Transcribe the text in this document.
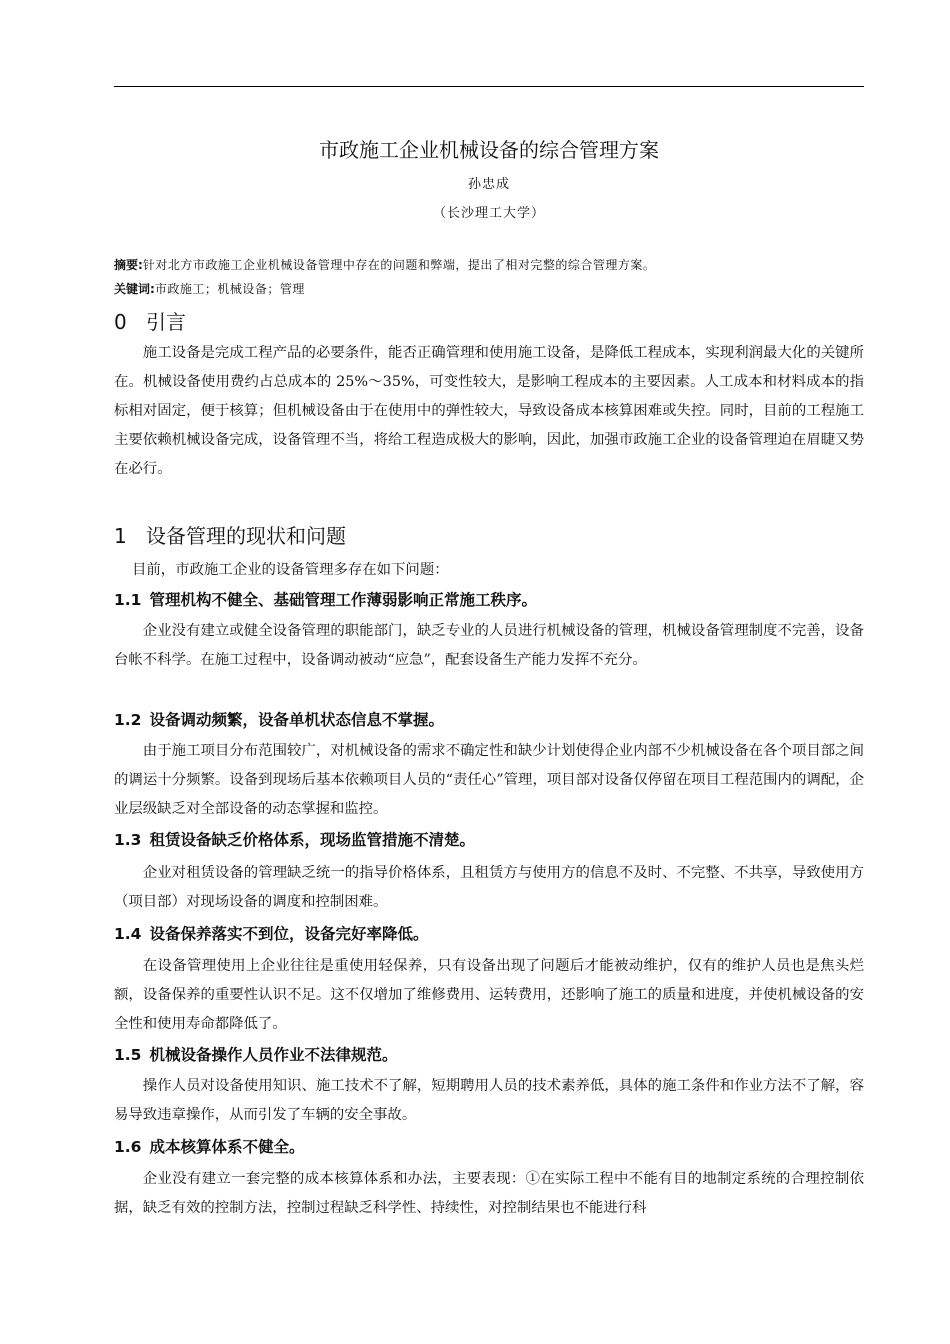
市政施工企业机械设备的综合管理方案
孙忠成
（长沙理工大学）
摘要:针对北方市政施工企业机械设备管理中存在的问题和弊端，提出了相对完整的综合管理方案。
关键词:市政施工；机械设备；管理
0 引言

施工设备是完成工程产品的必要条件，能否正确管理和使用施工设备，是降低工程成本，实现利润最大化的关键所在。机械设备使用费约占总成本的 25%～35%，可变性较大，是影响工程成本的主要因素。人工成本和材料成本的指标相对固定，便于核算；但机械设备由于在使用中的弹性较大，导致设备成本核算困难或失控。同时，目前的工程施工主要依赖机械设备完成，设备管理不当，将给工程造成极大的影响，因此，加强市政施工企业的设备管理迫在眉睫又势在必行。

1 设备管理的现状和问题
目前，市政施工企业的设备管理多存在如下问题：
1.1 管理机构不健全、基础管理工作薄弱影响正常施工秩序。

企业没有建立或健全设备管理的职能部门，缺乏专业的人员进行机械设备的管理，机械设备管理制度不完善，设备台帐不科学。在施工过程中，设备调动被动“应急”，配套设备生产能力发挥不充分。

1.2 设备调动频繁，设备单机状态信息不掌握。

由于施工项目分布范围较广，对机械设备的需求不确定性和缺少计划使得企业内部不少机械设备在各个项目部之间的调运十分频繁。设备到现场后基本依赖项目人员的“责任心”管理，项目部对设备仅停留在项目工程范围内的调配，企业层级缺乏对全部设备的动态掌握和监控。

1.3 租赁设备缺乏价格体系，现场监管措施不清楚。

企业对租赁设备的管理缺乏统一的指导价格体系，且租赁方与使用方的信息不及时、不完整、不共享，导致使用方（项目部）对现场设备的调度和控制困难。

1.4 设备保养落实不到位，设备完好率降低。

在设备管理使用上企业往往是重使用轻保养，只有设备出现了问题后才能被动维护，仅有的维护人员也是焦头烂额，设备保养的重要性认识不足。这不仅增加了维修费用、运转费用，还影响了施工的质量和进度，并使机械设备的安全性和使用寿命都降低了。

1.5 机械设备操作人员作业不法律规范。

操作人员对设备使用知识、施工技术不了解，短期聘用人员的技术素养低，具体的施工条件和作业方法不了解，容易导致违章操作，从而引发了车辆的安全事故。

1.6 成本核算体系不健全。

企业没有建立一套完整的成本核算体系和办法，主要表现：①在实际工程中不能有目的地制定系统的合理控制依据，缺乏有效的控制方法，控制过程缺乏科学性、持续性，对控制结果也不能进行科
